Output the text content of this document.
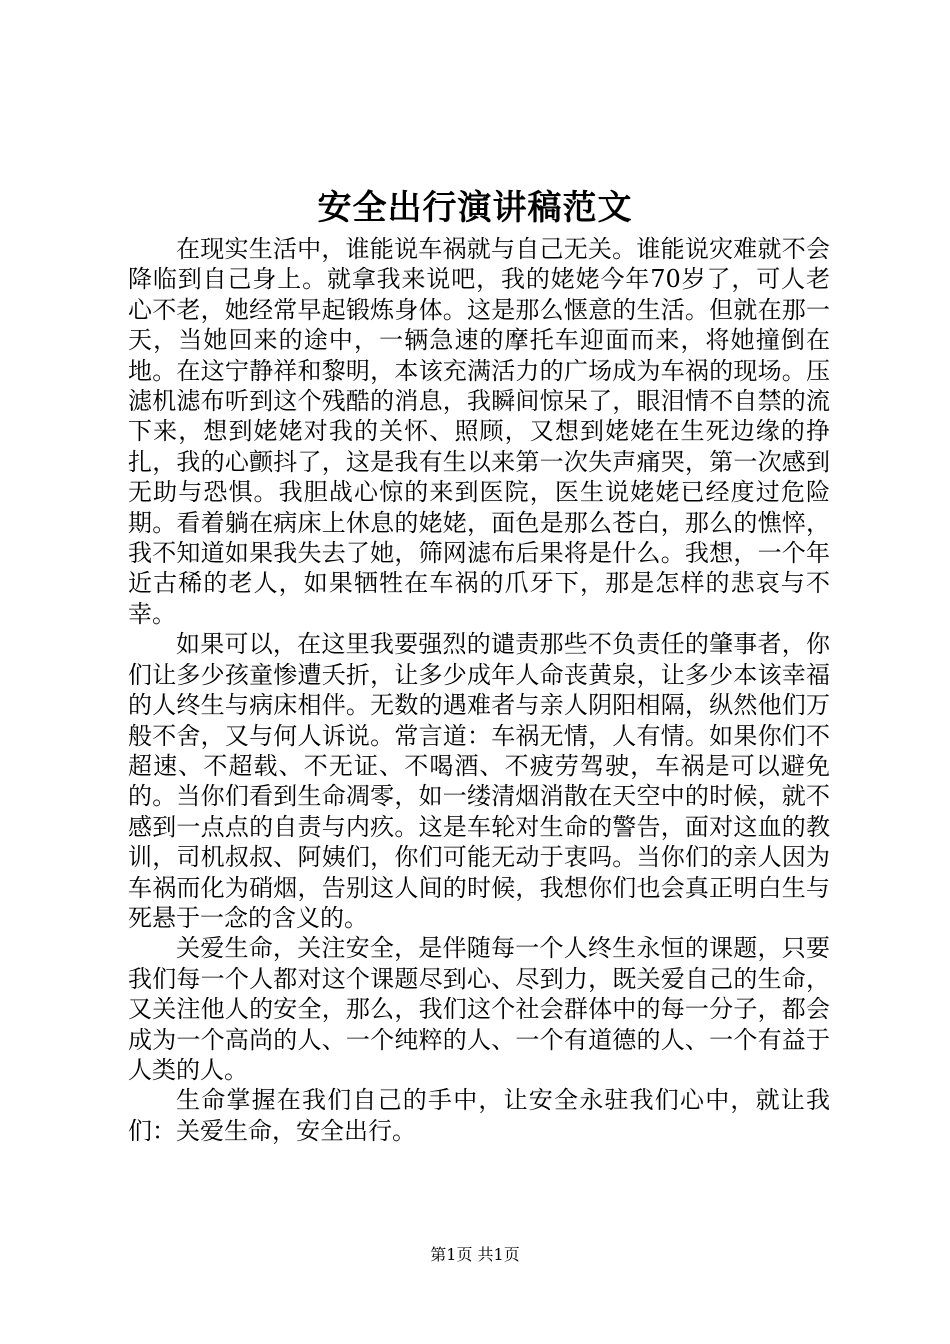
安全出行演讲稿范文

在现实生活中，谁能说车祸就与自己无关。谁能说灾难就不会降临到自己身上。就拿我来说吧，我的姥姥今年70岁了，可人老心不老，她经常早起锻炼身体。这是那么惬意的生活。但就在那一天，当她回来的途中，一辆急速的摩托车迎面而来，将她撞倒在地。在这宁静祥和黎明，本该充满活力的广场成为车祸的现场。压滤机滤布听到这个残酷的消息，我瞬间惊呆了，眼泪情不自禁的流下来，想到姥姥对我的关怀、照顾，又想到姥姥在生死边缘的挣扎，我的心颤抖了，这是我有生以来第一次失声痛哭，第一次感到无助与恐惧。我胆战心惊的来到医院，医生说姥姥已经度过危险期。看着躺在病床上休息的姥姥，面色是那么苍白，那么的憔悴，我不知道如果我失去了她，筛网滤布后果将是什么。我想，一个年近古稀的老人，如果牺牲在车祸的爪牙下，那是怎样的悲哀与不幸。

如果可以，在这里我要强烈的谴责那些不负责任的肇事者，你们让多少孩童惨遭夭折，让多少成年人命丧黄泉，让多少本该幸福的人终生与病床相伴。无数的遇难者与亲人阴阳相隔，纵然他们万般不舍，又与何人诉说。常言道：车祸无情，人有情。如果你们不超速、不超载、不无证、不喝酒、不疲劳驾驶，车祸是可以避免的。当你们看到生命凋零，如一缕清烟消散在天空中的时候，就不感到一点点的自责与内疚。这是车轮对生命的警告，面对这血的教训，司机叔叔、阿姨们，你们可能无动于衷吗。当你们的亲人因为车祸而化为硝烟，告别这人间的时候，我想你们也会真正明白生与死悬于一念的含义的。

关爱生命，关注安全，是伴随每一个人终生永恒的课题，只要我们每一个人都对这个课题尽到心、尽到力，既关爱自己的生命，又关注他人的安全，那么，我们这个社会群体中的每一分子，都会成为一个高尚的人、一个纯粹的人、一个有道德的人、一个有益于人类的人。

生命掌握在我们自己的手中，让安全永驻我们心中，就让我们：关爱生命，安全出行。

第1页 共1页
